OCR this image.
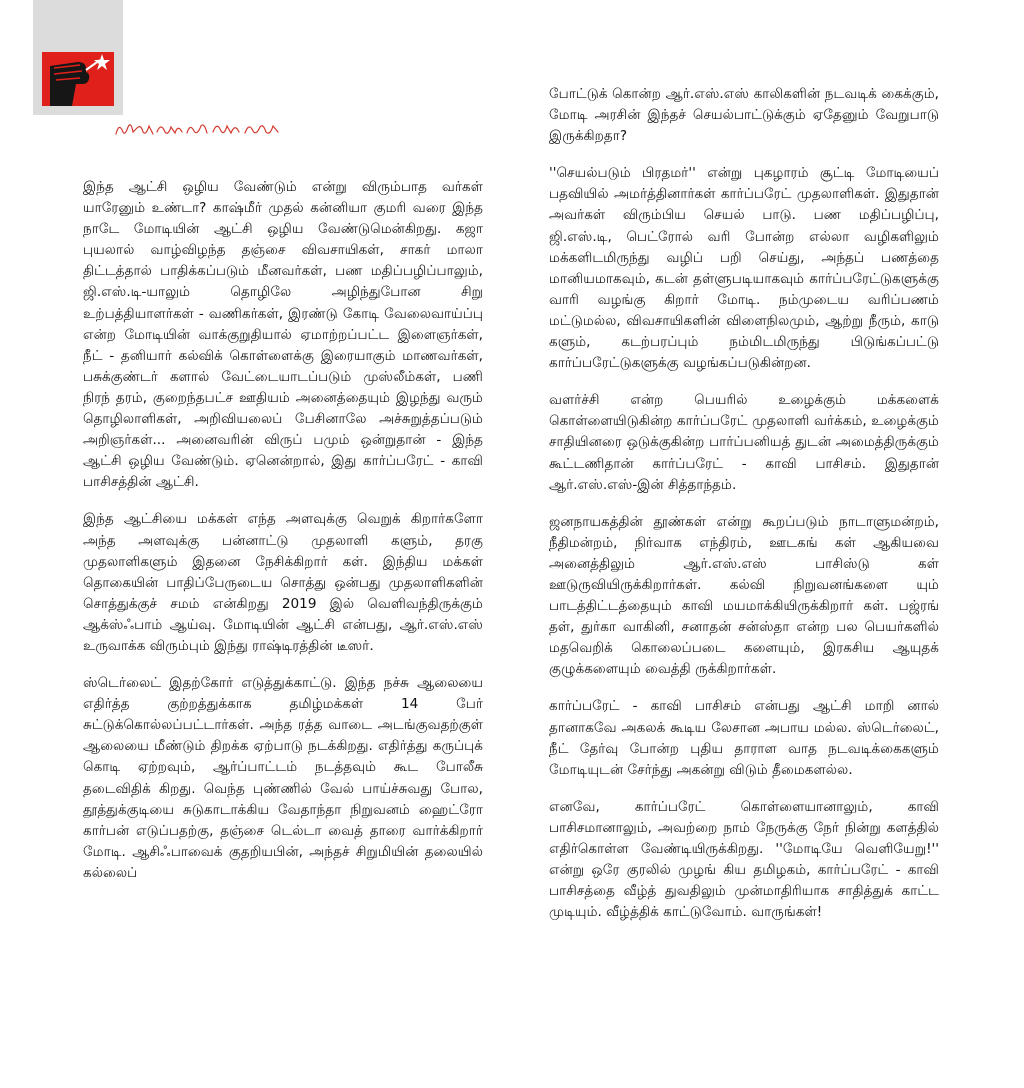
இந்த ஆட்சி ஒழிய வேண்டும் என்று விரும்பாத வர்கள் யாரேனும் உண்டா? காஷ்மீர் முதல் கன்னியா குமரி வரை இந்த நாடே மோடியின் ஆட்சி ஒழிய வேண்டுமென்கிறது. கஜா புயலால் வாழ்விழந்த தஞ்சை விவசாயிகள், சாகர் மாலா திட்டத்தால் பாதிக்கப்படும் மீனவர்கள், பண மதிப்பழிப்பாலும், ஜி.எஸ்.டி-யாலும் தொழிலே அழிந்துபோன சிறு உற்பத்தியாளர்கள் - வணிகர்கள், இரண்டு கோடி வேலைவாய்ப்பு என்ற மோடியின் வாக்குறுதியால் ஏமாற்றப்பட்ட இளைஞர்கள், நீட் - தனியார் கல்விக் கொள்ளைக்கு இரையாகும் மாணவர்கள், பசுக்குண்டர் களால் வேட்டையாடப்படும் முஸ்லீம்கள், பணி நிரந் தரம், குறைந்தபட்ச ஊதியம் அனைத்தையும் இழந்து வரும் தொழிலாளிகள், அறிவியலைப் பேசினாலே அச்சுறுத்தப்படும் அறிஞர்கள்... அனைவரின் விருப் பமும் ஒன்றுதான் - இந்த ஆட்சி ஒழிய வேண்டும். ஏனென்றால், இது கார்ப்பரேட் - காவி பாசிசத்தின் ஆட்சி.

இந்த ஆட்சியை மக்கள் எந்த அளவுக்கு வெறுக் கிறார்களோ அந்த அளவுக்கு பன்னாட்டு முதலாளி களும், தரகு முதலாளிகளும் இதனை நேசிக்கிறார் கள். இந்திய மக்கள் தொகையின் பாதிப்பேருடைய சொத்து ஒன்பது முதலாளிகளின் சொத்துக்குச் சமம் என்கிறது 2019 இல் வெளிவந்திருக்கும் ஆக்ஸ்ஃபாம் ஆய்வு. மோடியின் ஆட்சி என்பது, ஆர்.எஸ்.எஸ் உருவாக்க விரும்பும் இந்து ராஷ்டிரத்தின் டீஸர்.

ஸ்டெர்லைட் இதற்கோர் எடுத்துக்காட்டு. இந்த நச்சு ஆலையை எதிர்த்த குற்றத்துக்காக தமிழ்மக்கள் 14 பேர் சுட்டுக்கொல்லப்பட்டார்கள். அந்த ரத்த வாடை அடங்குவதற்குள் ஆலையை மீண்டும் திறக்க ஏற்பாடு நடக்கிறது. எதிர்த்து கருப்புக் கொடி ஏற்றவும், ஆர்ப்பாட்டம் நடத்தவும் கூட போலீசு தடைவிதிக் கிறது. வெந்த புண்ணில் வேல் பாய்ச்சுவது போல, தூத்துக்குடியை சுடுகாடாக்கிய வேதாந்தா நிறுவனம் ஹைட்ரோ கார்பன் எடுப்பதற்கு, தஞ்சை டெல்டா வைத் தாரை வார்க்கிறார் மோடி. ஆசிஃபாவைக் குதறியபின், அந்தச் சிறுமியின் தலையில் கல்லைப்

போட்டுக் கொன்ற ஆர்.எஸ்.எஸ் காலிகளின் நடவடிக் கைக்கும், மோடி அரசின் இந்தச் செயல்பாட்டுக்கும் ஏதேனும் வேறுபாடு இருக்கிறதா?

''செயல்படும் பிரதமர்'' என்று புகழாரம் சூட்டி மோடியைப் பதவியில் அமர்த்தினார்கள் கார்ப்பரேட் முதலாளிகள். இதுதான் அவர்கள் விரும்பிய செயல் பாடு. பண மதிப்பழிப்பு, ஜி.எஸ்.டி, பெட்ரோல் வரி போன்ற எல்லா வழிகளிலும் மக்களிடமிருந்து வழிப் பறி செய்து, அந்தப் பணத்தை மானியமாகவும், கடன் தள்ளுபடியாகவும் கார்ப்பரேட்டுகளுக்கு வாரி வழங்கு கிறார் மோடி. நம்முடைய வரிப்பணம் மட்டுமல்ல, விவசாயிகளின் விளைநிலமும், ஆற்று நீரும், காடு களும், கடற்பரப்பும் நம்மிடமிருந்து பிடுங்கப்பட்டு கார்ப்பரேட்டுகளுக்கு வழங்கப்படுகின்றன.

வளர்ச்சி என்ற பெயரில் உழைக்கும் மக்களைக் கொள்ளையிடுகின்ற கார்ப்பரேட் முதலாளி வர்க்கம், உழைக்கும் சாதியினரை ஒடுக்குகின்ற பார்ப்பனியத் துடன் அமைத்திருக்கும் கூட்டணிதான் கார்ப்பரேட் - காவி பாசிசம். இதுதான் ஆர்.எஸ்.எஸ்-இன் சித்தாந்தம்.

ஜனநாயகத்தின் தூண்கள் என்று கூறப்படும் நாடாளுமன்றம், நீதிமன்றம், நிர்வாக எந்திரம், ஊடகங் கள் ஆகியவை அனைத்திலும் ஆர்.எஸ்.எஸ் பாசிஸ்டு கள் ஊடுருவியிருக்கிறார்கள். கல்வி நிறுவனங்களை யும் பாடத்திட்டத்தையும் காவி மயமாக்கியிருக்கிறார் கள். பஜ்ரங் தள், துர்கா வாகினி, சனாதன் சன்ஸ்தா என்ற பல பெயர்களில் மதவெறிக் கொலைப்படை களையும், இரகசிய ஆயுதக் குழுக்களையும் வைத்தி ருக்கிறார்கள்.

கார்ப்பரேட் - காவி பாசிசம் என்பது ஆட்சி மாறி னால் தானாகவே அகலக் கூடிய லேசான அபாய மல்ல. ஸ்டெர்லைட், நீட் தேர்வு போன்ற புதிய தாராள வாத நடவடிக்கைகளும் மோடியுடன் சேர்ந்து அகன்று விடும் தீமைகளல்ல.

எனவே, கார்ப்பரேட் கொள்ளையானாலும், காவி பாசிசமானாலும், அவற்றை நாம் நேருக்கு நேர் நின்று களத்தில் எதிர்கொள்ள வேண்டியிருக்கிறது. ''மோடியே வெளியேறு!'' என்று ஒரே குரலில் முழங் கிய தமிழகம், கார்ப்பரேட் - காவி பாசிசத்தை வீழ்த் துவதிலும் முன்மாதிரியாக சாதித்துக் காட்ட முடியும். வீழ்த்திக் காட்டுவோம். வாருங்கள்!
